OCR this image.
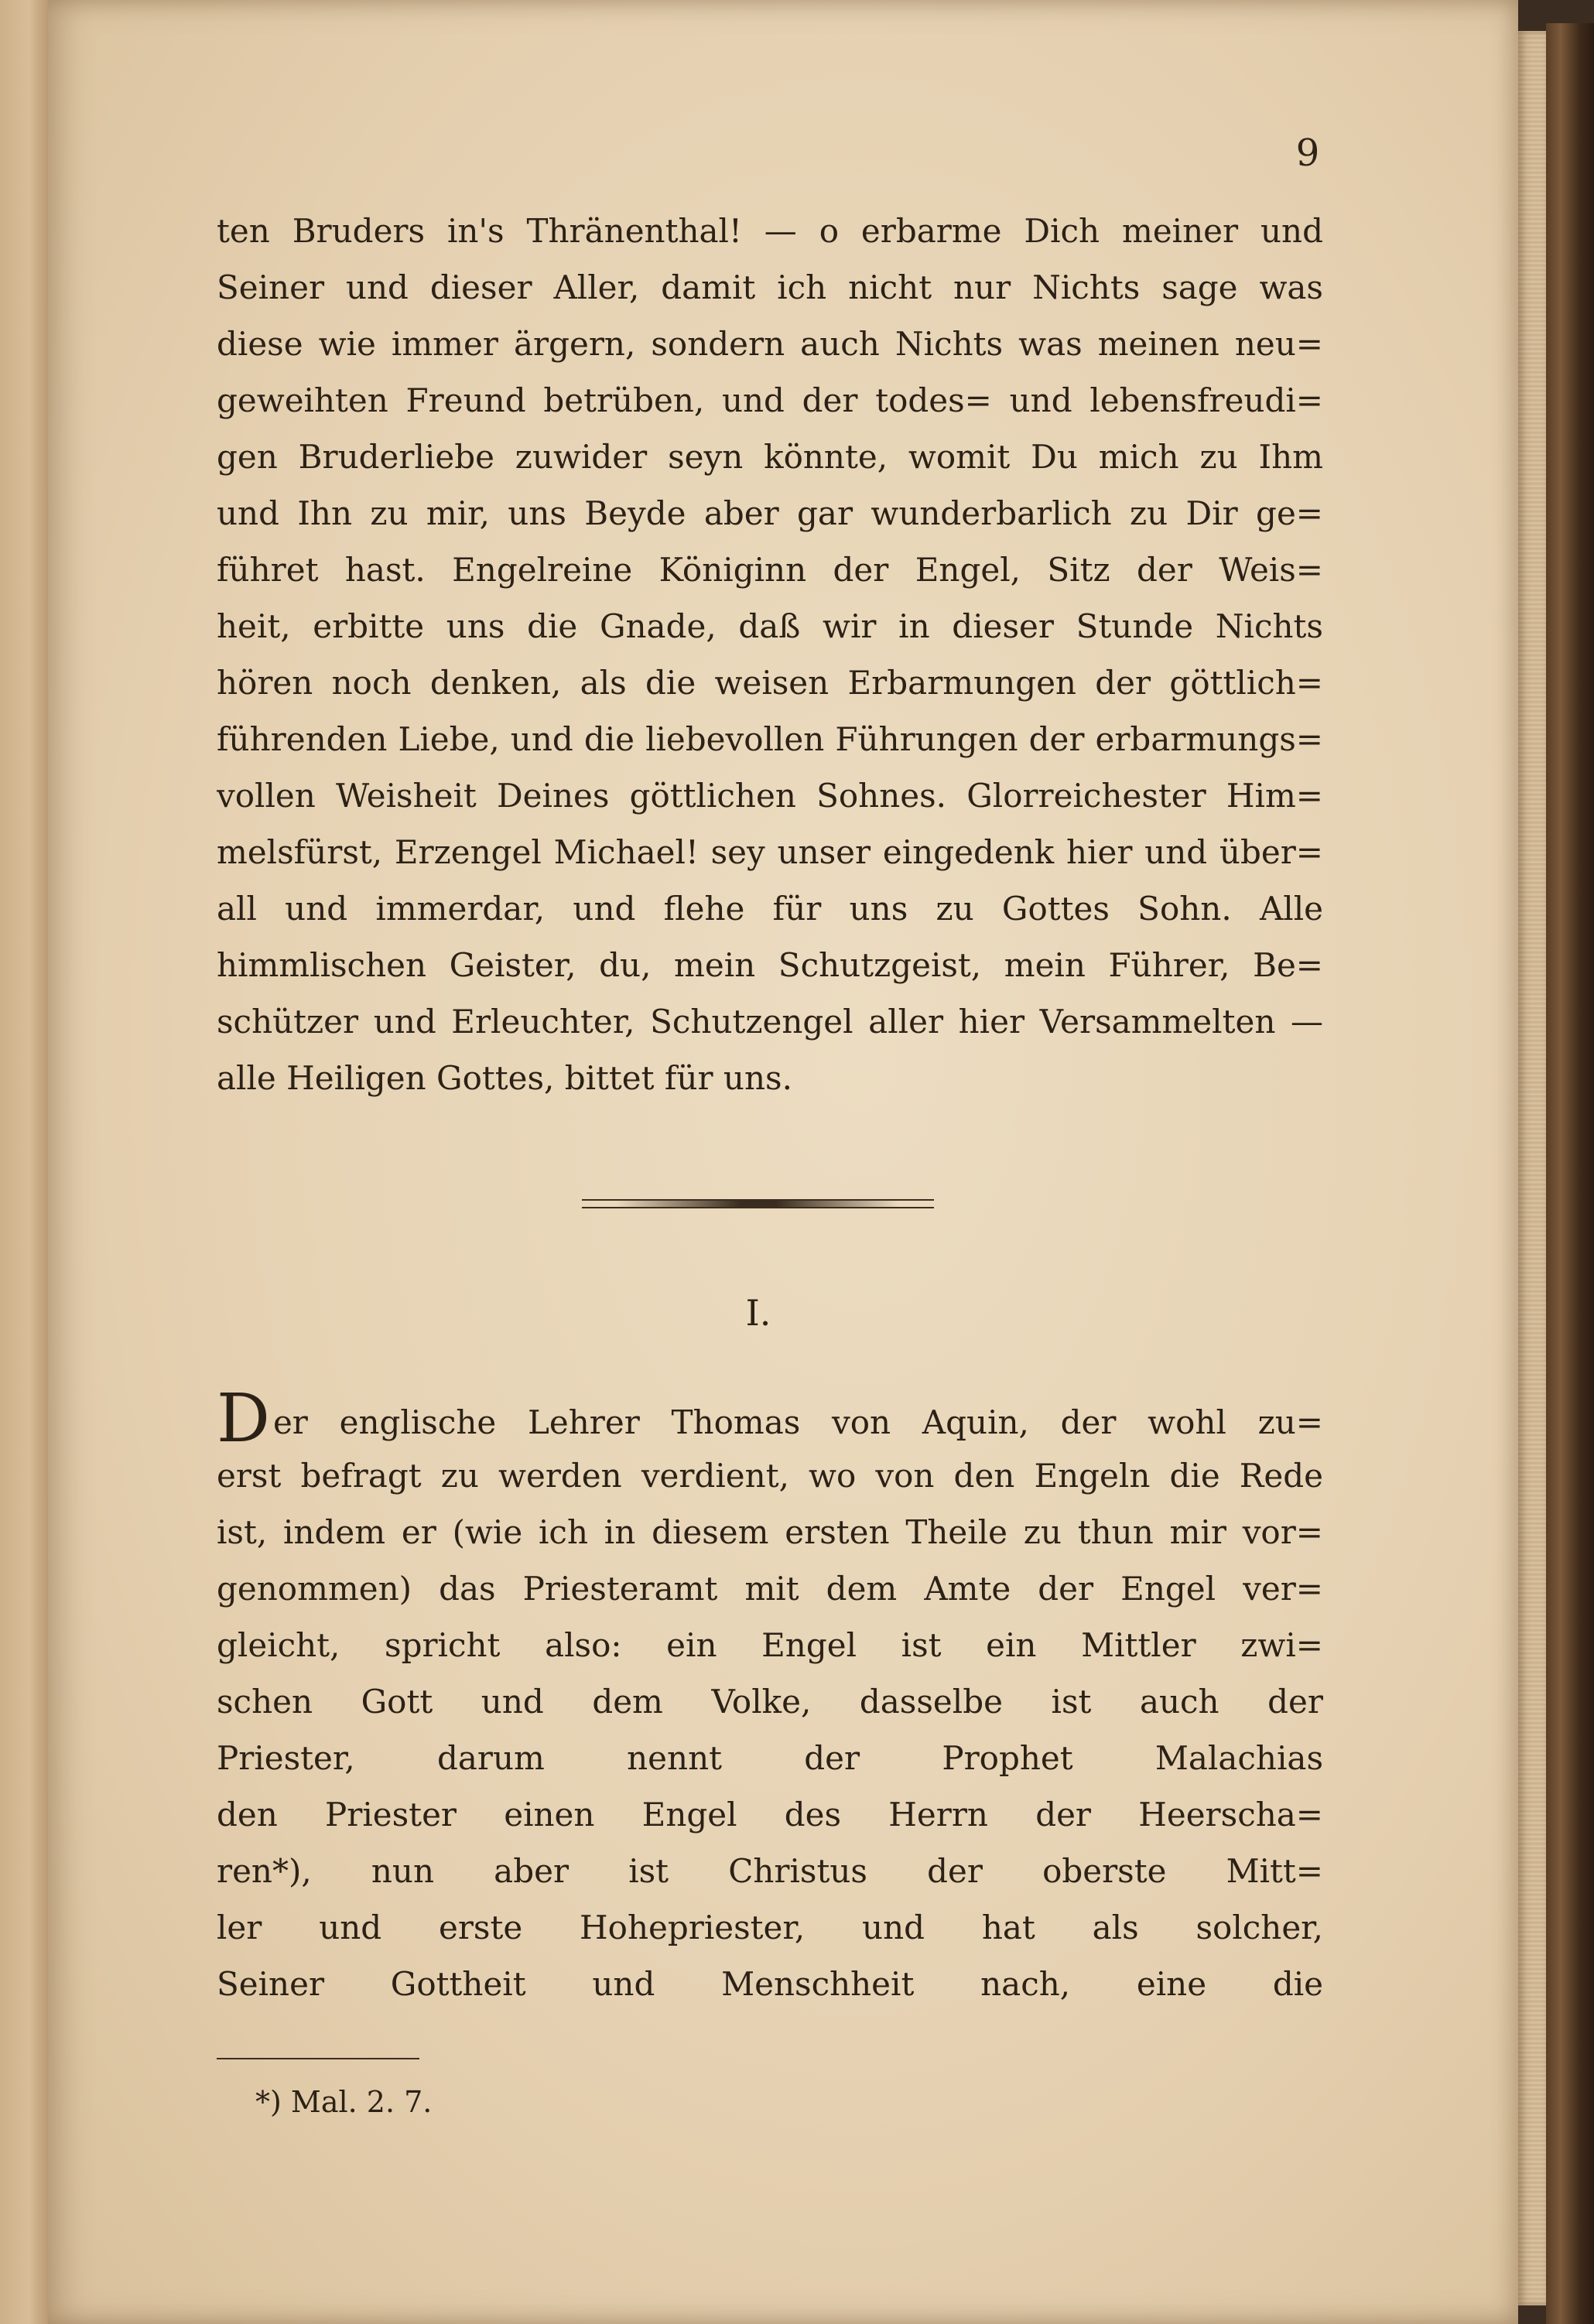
9
ten Bruders in's Thränenthal! — o erbarme Dich meiner und
Seiner und dieser Aller, damit ich nicht nur Nichts sage was
diese wie immer ärgern, sondern auch Nichts was meinen neu=
geweihten Freund betrüben, und der todes= und lebensfreudi=
gen Bruderliebe zuwider seyn könnte, womit Du mich zu Ihm
und Ihn zu mir, uns Beyde aber gar wunderbarlich zu Dir ge=
führet hast. Engelreine Königinn der Engel, Sitz der Weis=
heit, erbitte uns die Gnade, daß wir in dieser Stunde Nichts
hören noch denken, als die weisen Erbarmungen der göttlich=
führenden Liebe, und die liebevollen Führungen der erbarmungs=
vollen Weisheit Deines göttlichen Sohnes. Glorreichester Him=
melsfürst, Erzengel Michael! sey unser eingedenk hier und über=
all und immerdar, und flehe für uns zu Gottes Sohn. Alle
himmlischen Geister, du, mein Schutzgeist, mein Führer, Be=
schützer und Erleuchter, Schutzengel aller hier Versammelten —
alle Heiligen Gottes, bittet für uns.
I.
Der englische Lehrer Thomas von Aquin, der wohl zu=
erst befragt zu werden verdient, wo von den Engeln die Rede
ist, indem er (wie ich in diesem ersten Theile zu thun mir vor=
genommen) das Priesteramt mit dem Amte der Engel ver=
gleicht, spricht also: ein Engel ist ein Mittler zwi=
schen Gott und dem Volke, dasselbe ist auch der
Priester, darum nennt der Prophet Malachias
den Priester einen Engel des Herrn der Heerscha=
ren*), nun aber ist Christus der oberste Mitt=
ler und erste Hohepriester, und hat als solcher,
Seiner Gottheit und Menschheit nach, eine die
*) Mal. 2. 7.
